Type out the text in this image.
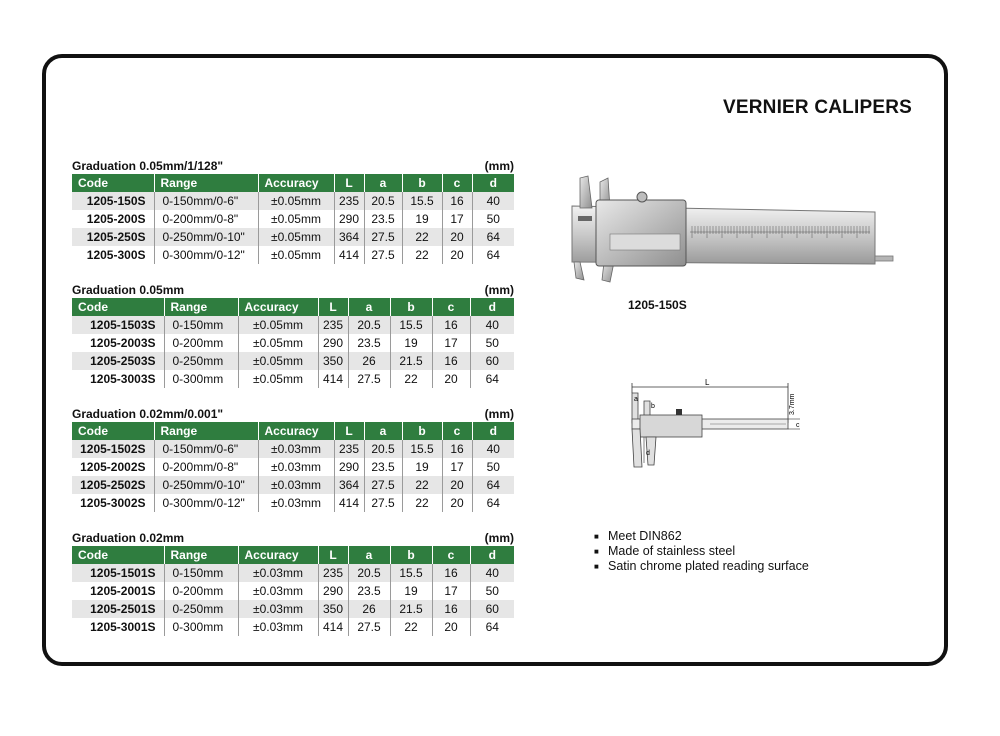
VERNIER CALIPERS
Graduation 0.05mm/1/128"	(mm)
Code	Range	Accuracy	L	a	b	c	d
1205-150S	0-150mm/0-6"	±0.05mm	235	20.5	15.5	16	40
1205-200S	0-200mm/0-8"	±0.05mm	290	23.5	19	17	50
1205-250S	0-250mm/0-10"	±0.05mm	364	27.5	22	20	64
1205-300S	0-300mm/0-12"	±0.05mm	414	27.5	22	20	64
Graduation 0.05mm	(mm)
Code	Range	Accuracy	L	a	b	c	d
1205-1503S	0-150mm	±0.05mm	235	20.5	15.5	16	40
1205-2003S	0-200mm	±0.05mm	290	23.5	19	17	50
1205-2503S	0-250mm	±0.05mm	350	26	21.5	16	60
1205-3003S	0-300mm	±0.05mm	414	27.5	22	20	64
Graduation 0.02mm/0.001"	(mm)
Code	Range	Accuracy	L	a	b	c	d
1205-1502S	0-150mm/0-6"	±0.03mm	235	20.5	15.5	16	40
1205-2002S	0-200mm/0-8"	±0.03mm	290	23.5	19	17	50
1205-2502S	0-250mm/0-10"	±0.03mm	364	27.5	22	20	64
1205-3002S	0-300mm/0-12"	±0.03mm	414	27.5	22	20	64
Graduation 0.02mm	(mm)
Code	Range	Accuracy	L	a	b	c	d
1205-1501S	0-150mm	±0.03mm	235	20.5	15.5	16	40
1205-2001S	0-200mm	±0.03mm	290	23.5	19	17	50
1205-2501S	0-250mm	±0.03mm	350	26	21.5	16	60
1205-3001S	0-300mm	±0.03mm	414	27.5	22	20	64
1205-150S
L
a
b
d
c
3.7mm
■ Meet DIN862
■ Made of stainless steel
■ Satin chrome plated reading surface
